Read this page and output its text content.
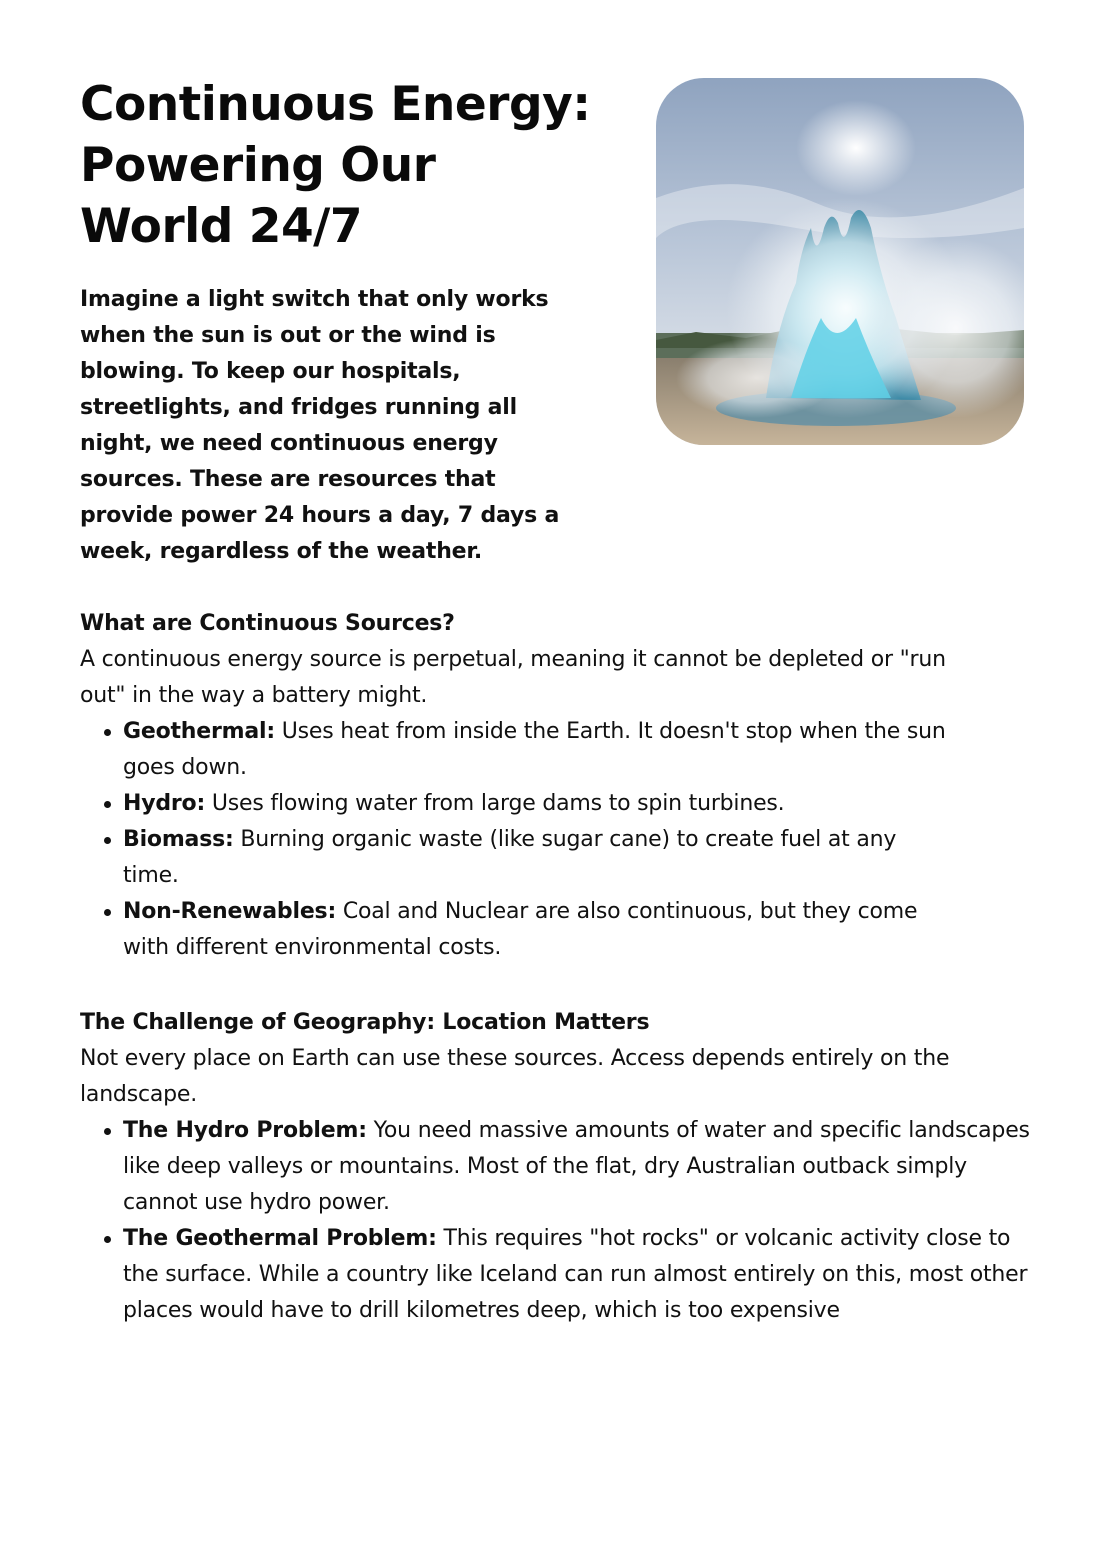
Continuous Energy:
Powering Our
World 24/7

Imagine a light switch that only works when the sun is out or the wind is blowing. To keep our hospitals, streetlights, and fridges running all night, we need continuous energy sources. These are resources that provide power 24 hours a day, 7 days a week, regardless of the weather.

What are Continuous Sources?

A continuous energy source is perpetual, meaning it cannot be depleted or "run out" in the way a battery might.

Geothermal: Uses heat from inside the Earth. It doesn't stop when the sun goes down.
Hydro: Uses flowing water from large dams to spin turbines.
Biomass: Burning organic waste (like sugar cane) to create fuel at any time.
Non-Renewables: Coal and Nuclear are also continuous, but they come with different environmental costs.
The Challenge of Geography: Location Matters

Not every place on Earth can use these sources. Access depends entirely on the landscape.

The Hydro Problem: You need massive amounts of water and specific landscapes like deep valleys or mountains. Most of the flat, dry Australian outback simply cannot use hydro power.
The Geothermal Problem: This requires "hot rocks" or volcanic activity close to the surface. While a country like Iceland can run almost entirely on this, most other places would have to drill kilometres deep, which is too expensive
